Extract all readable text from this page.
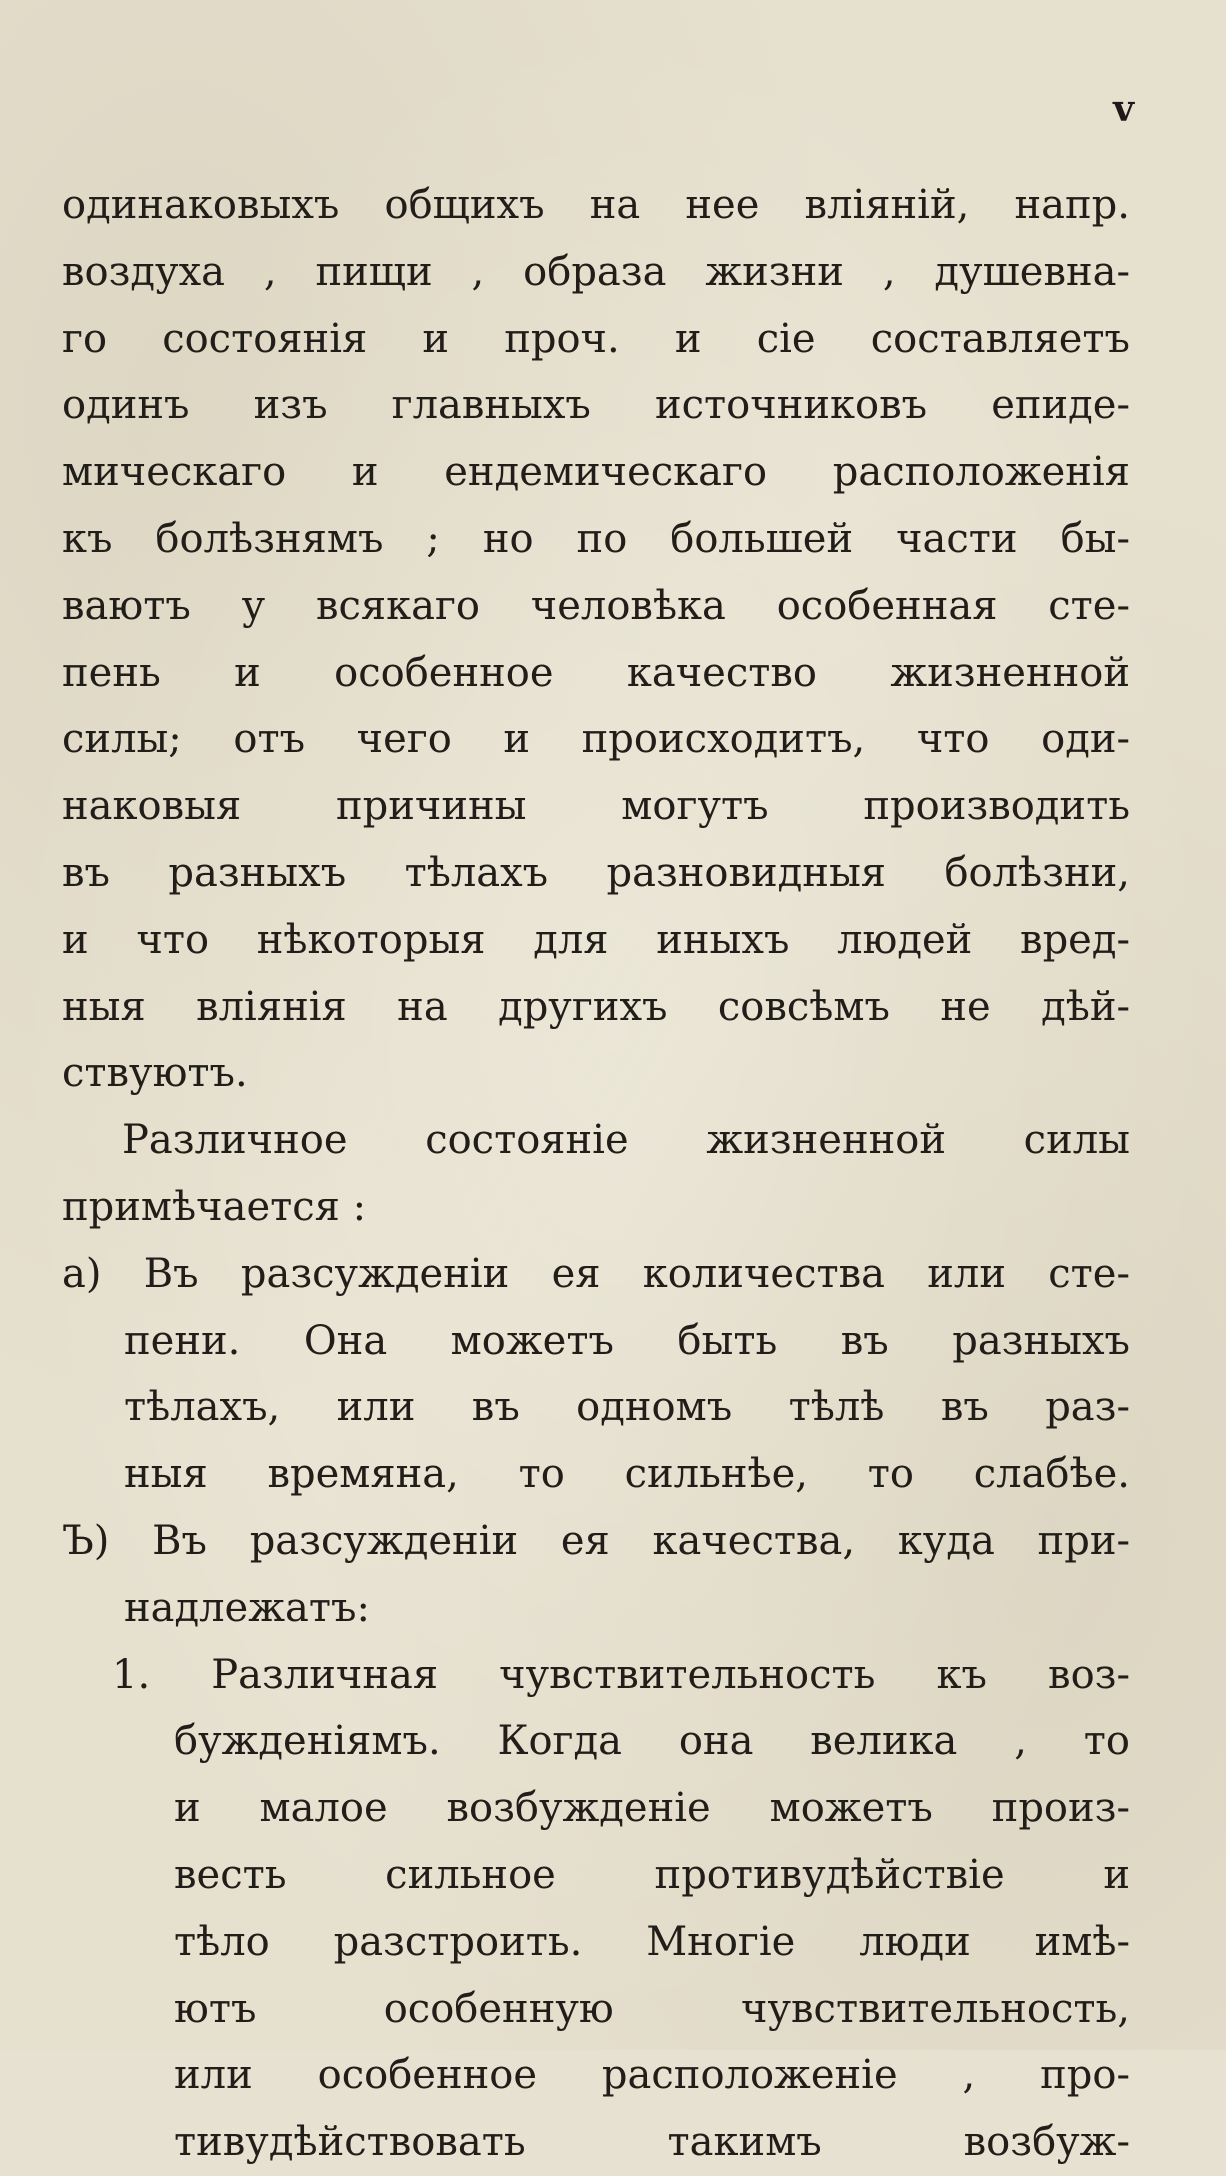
v
одинаковыхъ общихъ на нее влiянiй, напр.
воздуха , пищи , образа жизни , душевна-
го состоянiя и проч. и сiе составляетъ
одинъ изъ главныхъ источниковъ епиде-
мическаго и ендемическаго расположенiя
къ болѣзнямъ ; но по большей части бы-
ваютъ у всякаго человѣка особенная сте-
пень и особенное качество жизненной
силы; отъ чего и происходитъ, что оди-
наковыя причины могутъ производить
въ разныхъ тѣлахъ разновидныя болѣзни,
и что нѣкоторыя для иныхъ людей вред-
ныя влiянiя на другихъ совсѣмъ не дѣй-
ствуютъ.
Различное состоянiе жизненной силы
примѣчается :
а) Въ разсужденiи ея количества или сте-
пени. Она можетъ быть въ разныхъ
тѣлахъ, или въ одномъ тѣлѣ въ раз-
ныя времяна, то сильнѣе, то слабѣе.
Ъ) Въ разсужденiи ея качества, куда при-
надлежатъ:
1. Различная чувствительность къ воз-
бужденiямъ. Когда она велика , то
и малое возбужденiе можетъ произ-
весть сильное противудѣйствiе и
тѣло разстроить. Многiе люди имѣ-
ютъ особенную чувствительность,
или особенное расположенiе , про-
тивудѣйствовать такимъ возбуж-
